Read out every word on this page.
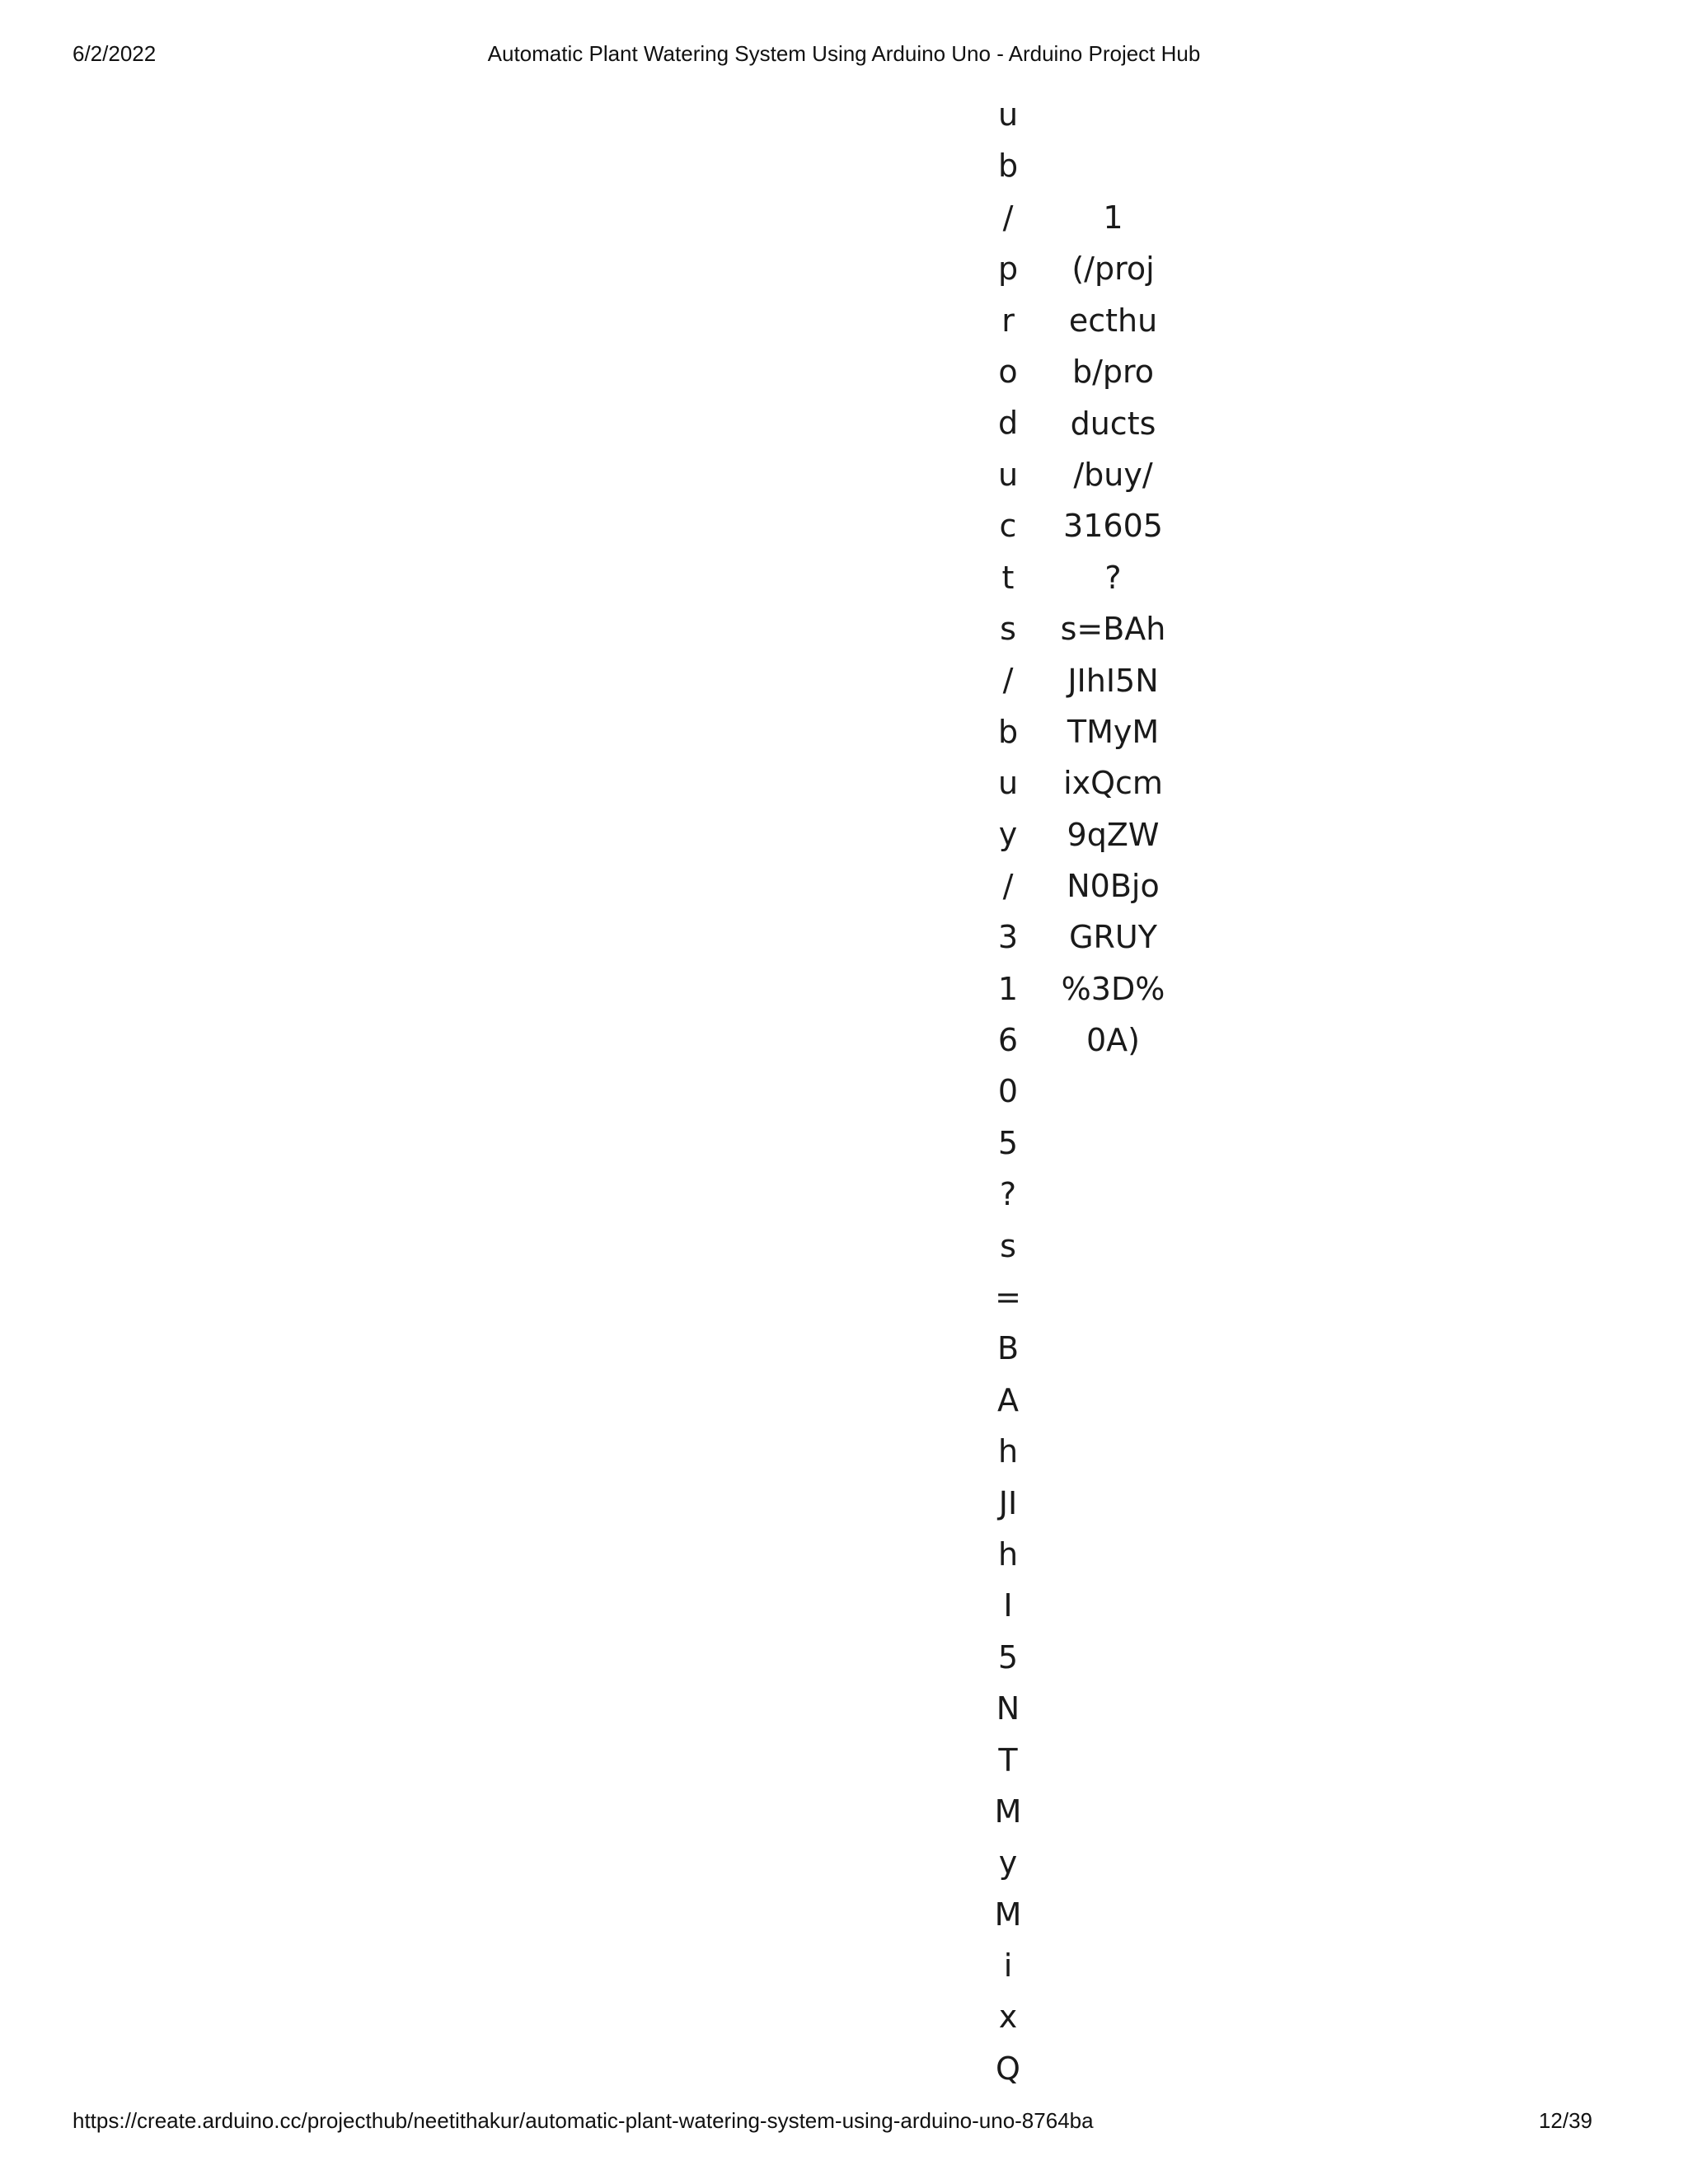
6/2/2022	Automatic Plant Watering System Using Arduino Uno - Arduino Project Hub
u
b
/
p
r
o
d
u
c
t
s
/
b
u
y
/
3
1
6
0
5
?
s
=
B
A
h
JI
h
I
5
N
T
M
y
M
i
x
Q
1
(/proj
ecthu
b/pro
ducts
/buy/
31605
?
s=BAh
JIhI5N
TMyM
ixQcm
9qZW
N0Bjo
GRUY
%3D%
0A)
https://create.arduino.cc/projecthub/neetithakur/automatic-plant-watering-system-using-arduino-uno-8764ba	12/39
